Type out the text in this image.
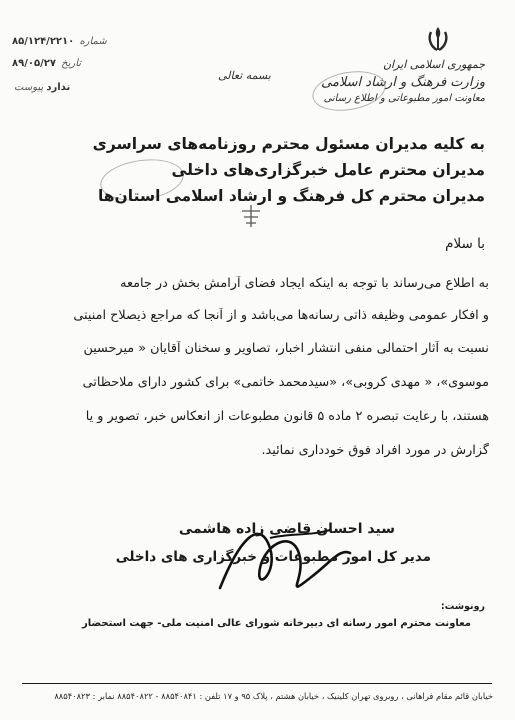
جمهوری اسلامی ایران
وزارت فرهنگ و ارشاد اسلامی
معاونت امور مطبوعاتی و اطلاع رسانی
۸۵/۱۲۴/۲۲۱۰ شماره
۸۹/۰۵/۲۷ تاریخ
ندارد پیوست
بسمه تعالی
به کلیه مدیران مسئول محترم روزنامه‌های سراسری
مدیران محترم عامل خبرگزاری‌های داخلی
مدیران محترم کل فرهنگ و ارشاد اسلامی استان‌ها
با سلام
به اطلاع می‌رساند با توجه به اینکه ایجاد فضای آرامش بخش در جامعه
و افکار عمومی وظیفه ذاتی رسانه‌ها می‌باشد و از آنجا که مراجع ذیصلاح امنیتی
نسبت به آثار احتمالی منفی انتشار اخبار، تصاویر و سخنان آقایان « میرحسین
موسوی»، « مهدی کروبی»، «سیدمحمد خاتمی» برای کشور دارای ملاحظاتی
هستند، با رعایت تبصره ۲ ماده ۵ قانون مطبوعات از انعکاس خبر، تصویر و یا
گزارش در مورد افراد فوق خودداری نمائید.
سید احسان قاضی زاده هاشمی
مدیر کل امور مطبوعات و خبرگزاری های داخلی
رونوشت:
معاونت محترم امور رسانه ای دبیرخانه شورای عالی امنیت ملی- جهت استحضار
خیابان قائم مقام فراهانی ، روبروی تهران کلینیک ، خیابان هشتم ، پلاک ۹۵ و ۱۷ تلفن : ۸۸۵۴۰۸۴۱ - ۸۸۵۴۰۸۲۲ نمابر : ۸۸۵۴۰۸۲۳
